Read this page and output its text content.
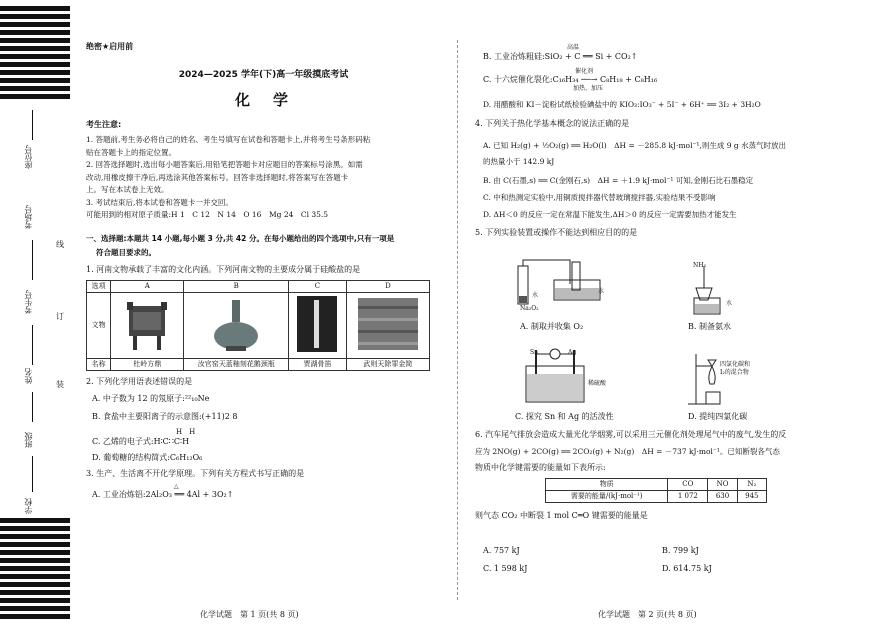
座位号
考场号
考生号
姓名
班级
学校
线
订
装

绝密★启用前

2024—2025 学年(下)高一年级摸底考试

化　学

考生注意:

1. 答题前,考生务必将自己的姓名、考生号填写在试卷和答题卡上,并将考生号条形码粘

贴在答题卡上的指定位置。

2. 回答选择题时,选出每小题答案后,用铅笔把答题卡对应题目的答案标号涂黑。如需

改动,用橡皮擦干净后,再选涂其他答案标号。回答非选择题时,将答案写在答题卡

上。写在本试卷上无效。

3. 考试结束后,将本试卷和答题卡一并交回。

可能用到的相对原子质量:H 1　C 12　N 14　O 16　Mg 24　Cl 35.5

一、选择题:本题共 14 小题,每小题 3 分,共 42 分。在每小题给出的四个选项中,只有一项是

符合题目要求的。

1. 河南文物承载了丰富的文化内涵。下列河南文物的主要成分属于硅酸盐的是

选项	A	B	C	D
文物				
名称	杜岭方鼎	汝官窑天蓝釉刻花鹅颈瓶	贾湖骨笛	武则天除罪金简

2. 下列化学用语表述错误的是

A. 中子数为 12 的氖原子:²²₁₀Ne

B. 食盐中主要阳离子的示意图:(+11)2 8

H　H

C. 乙烯的电子式:H∶C∷C∶H

D. 葡萄糖的结构简式:C₆H₁₂O₆

3. 生产、生活离不开化学原理。下列有关方程式书写正确的是

△

A. 工业冶炼铝:2Al₂O₃ ══ 4Al + 3O₂↑

化学试题　第 1 页(共 8 页)

高温

B. 工业冶炼粗硅:SiO₂ + C ══ Si + CO₂↑

催化剂

C. 十六烷催化裂化:C₁₆H₃₄ ──→ C₈H₁₈ + C₈H₁₆

加热、加压

D. 用醋酸和 KI－淀粉试纸检验碘盐中的 KIO₃:IO₃⁻ + 5I⁻ + 6H⁺ ══ 3I₂ + 3H₂O

4. 下列关于热化学基本概念的说法正确的是

A. 已知 H₂(g) + ½O₂(g) ══ H₂O(l)　ΔH = －285.8 kJ·mol⁻¹,则生成 9 g 水蒸气时放出

的热量小于 142.9 kJ

B. 由 C(石墨,s) ══ C(金刚石,s)　ΔH = ＋1.9 kJ·mol⁻¹ 可知,金刚石比石墨稳定

C. 中和热测定实验中,用铜质搅拌器代替玻璃搅拌器,实验结果不受影响

D. ΔH＜0 的反应一定在常温下能发生,ΔH＞0 的反应一定需要加热才能发生

5. 下列实验装置或操作不能达到相应目的的是

水
Na₂O₂
水
NH₃
水

A. 制取并收集 O₂	B. 制备氨水

Sn	Ag
稀硫酸
四氯化碳和
I₂的混合物

C. 探究 Sn 和 Ag 的活泼性	D. 提纯四氯化碳

6. 汽车尾气排放会造成大量光化学烟雾,可以采用三元催化剂处理尾气中的废气,发生的反

应为 2NO(g) + 2CO(g) ══ 2CO₂(g) + N₂(g)　ΔH = －737 kJ·mol⁻¹。已知断裂各气态

物质中化学键需要的能量如下表所示:

物质	CO	NO	N₂
需要的能量/(kJ·mol⁻¹)	1 072	630	945

则气态 CO₂ 中断裂 1 mol C═O 键需要的能量是

A. 757 kJ	B. 799 kJ

C. 1 598 kJ	D. 614.75 kJ

化学试题　第 2 页(共 8 页)
